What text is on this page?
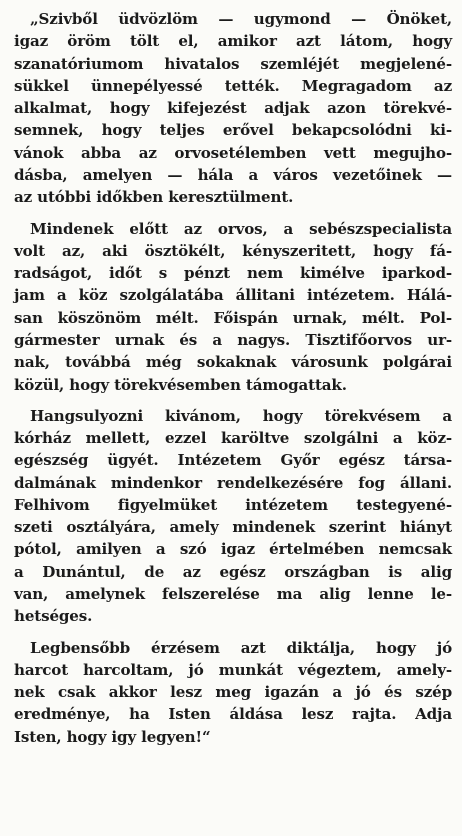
„Szivből üdvözlöm — ugymond — Önöket,
igaz öröm tölt el, amikor azt látom, hogy
szanatóriumom hivatalos szemléjét megjelené-
sükkel ünnepélyessé tették. Megragadom az
alkalmat, hogy kifejezést adjak azon törekvé-
semnek, hogy teljes erővel bekapcsolódni ki-
vánok abba az orvosetélemben vett megujho-
dásba, amelyen — hála a város vezetőinek —
az utóbbi időkben keresztülment.

Mindenek előtt az orvos, a sebészspecialista
volt az, aki ösztökélt, kényszeritett, hogy fá-
radságot, időt s pénzt nem kimélve iparkod-
jam a köz szolgálatába állitani intézetem. Hálá-
san köszönöm mélt. Főispán urnak, mélt. Pol-
gármester urnak és a nagys. Tisztifőorvos ur-
nak, továbbá még sokaknak városunk polgárai
közül, hogy törekvésemben támogattak.

Hangsulyozni kivánom, hogy törekvésem a
kórház mellett, ezzel karöltve szolgálni a köz-
egészség ügyét. Intézetem Győr egész társa-
dalmának mindenkor rendelkezésére fog állani.
Felhivom figyelmüket intézetem testegyené-
szeti osztályára, amely mindenek szerint hiányt
pótol, amilyen a szó igaz értelmében nemcsak
a Dunántul, de az egész országban is alig
van, amelynek felszerelése ma alig lenne le-
hetséges.

Legbensőbb érzésem azt diktálja, hogy jó
harcot harcoltam, jó munkát végeztem, amely-
nek csak akkor lesz meg igazán a jó és szép
eredménye, ha Isten áldása lesz rajta. Adja
Isten, hogy igy legyen!“
